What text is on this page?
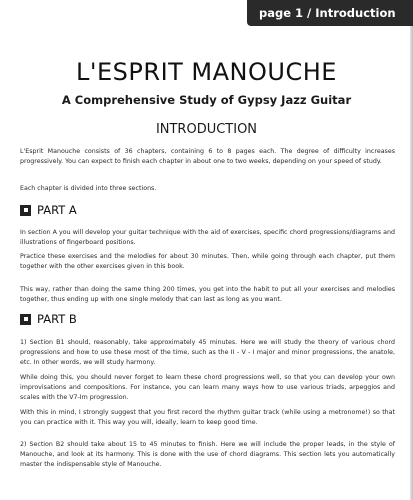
page 1 / Introduction
L'ESPRIT MANOUCHE
A Comprehensive Study of Gypsy Jazz Guitar
INTRODUCTION

L'Esprit Manouche consists of 36 chapters, containing 6 to 8 pages each. The degree of difficulty increases progressively. You can expect to finish each chapter in about one to two weeks, depending on your speed of study.

Each chapter is divided into three sections.

PART A

In section A you will develop your guitar technique with the aid of exercises, specific chord progressions/diagrams and illustrations of fingerboard positions.

Practice these exercises and the melodies for about 30 minutes. Then, while going through each chapter, put them together with the other exercises given in this book.

This way, rather than doing the same thing 200 times, you get into the habit to put all your exercises and melodies together, thus ending up with one single melody that can last as long as you want.

PART B

1) Section B1 should, reasonably, take approximately 45 minutes. Here we will study the theory of various chord progressions and how to use these most of the time, such as the II - V - I major and minor progressions, the anatole, etc. In other words, we will study harmony.

While doing this, you should never forget to learn these chord progressions well, so that you can develop your own improvisations and compositions. For instance, you can learn many ways how to use various triads, arpeggios and scales with the V7-Im progression.

With this in mind, I strongly suggest that you first record the rhythm guitar track (while using a metronome!) so that you can practice with it. This way you will, ideally, learn to keep good time.

2) Section B2 should take about 15 to 45 minutes to finish. Here we will include the proper leads, in the style of Manouche, and look at its harmony. This is done with the use of chord diagrams. This section lets you automatically master the indispensable style of Manouche.
